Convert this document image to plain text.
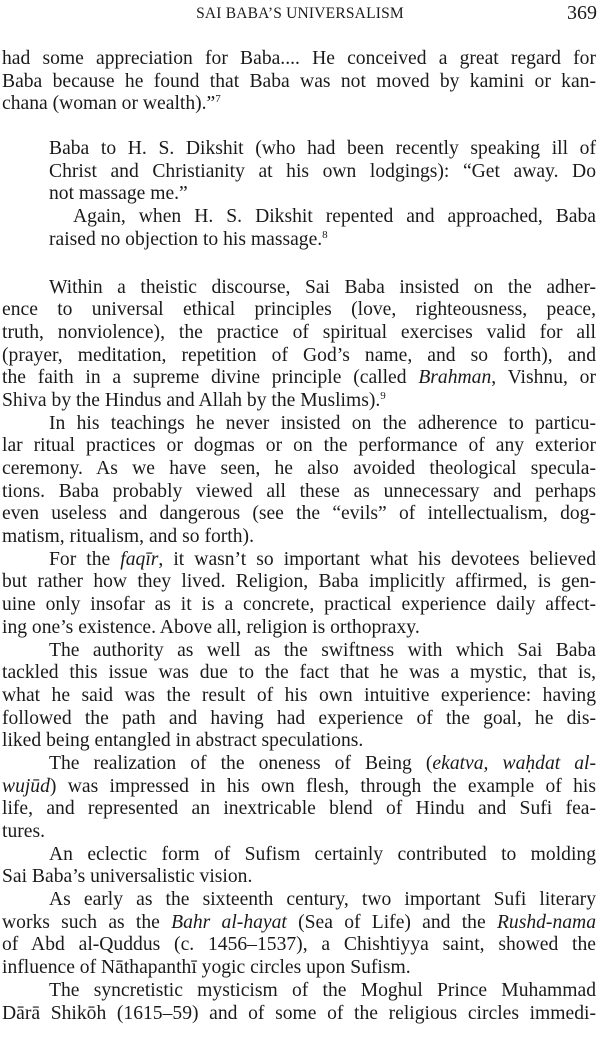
SAI BABA’S UNIVERSALISM	369
had some appreciation for Baba.... He conceived a great regard for
Baba because he found that Baba was not moved by kamini or kan-
chana (woman or wealth).”$^7$
Baba to H. S. Dikshit (who had been recently speaking ill of
Christ and Christianity at his own lodgings): “Get away. Do
not massage me.”
Again, when H. S. Dikshit repented and approached, Baba
raised no objection to his massage.$^8$
Within a theistic discourse, Sai Baba insisted on the adher-
ence to universal ethical principles (love, righteousness, peace,
truth, nonviolence), the practice of spiritual exercises valid for all
(prayer, meditation, repetition of God’s name, and so forth), and
the faith in a supreme divine principle (called Brahman, Vishnu, or
Shiva by the Hindus and Allah by the Muslims).$^9$
In his teachings he never insisted on the adherence to particu-
lar ritual practices or dogmas or on the performance of any exterior
ceremony. As we have seen, he also avoided theological specula-
tions. Baba probably viewed all these as unnecessary and perhaps
even useless and dangerous (see the “evils” of intellectualism, dog-
matism, ritualism, and so forth).
For the faqīr, it wasn’t so important what his devotees believed
but rather how they lived. Religion, Baba implicitly affirmed, is gen-
uine only insofar as it is a concrete, practical experience daily affect-
ing one’s existence. Above all, religion is orthopraxy.
The authority as well as the swiftness with which Sai Baba
tackled this issue was due to the fact that he was a mystic, that is,
what he said was the result of his own intuitive experience: having
followed the path and having had experience of the goal, he dis-
liked being entangled in abstract speculations.
The realization of the oneness of Being (ekatva, waḥdat al-
wujūd) was impressed in his own flesh, through the example of his
life, and represented an inextricable blend of Hindu and Sufi fea-
tures.
An eclectic form of Sufism certainly contributed to molding
Sai Baba’s universalistic vision.
As early as the sixteenth century, two important Sufi literary
works such as the Bahr al-hayat (Sea of Life) and the Rushd-nama
of Abd al-Quddus (c. 1456–1537), a Chishtiyya saint, showed the
influence of Nāthapanthī yogic circles upon Sufism.
The syncretistic mysticism of the Moghul Prince Muhammad
Dārā Shikōh (1615–59) and of some of the religious circles immedi-
